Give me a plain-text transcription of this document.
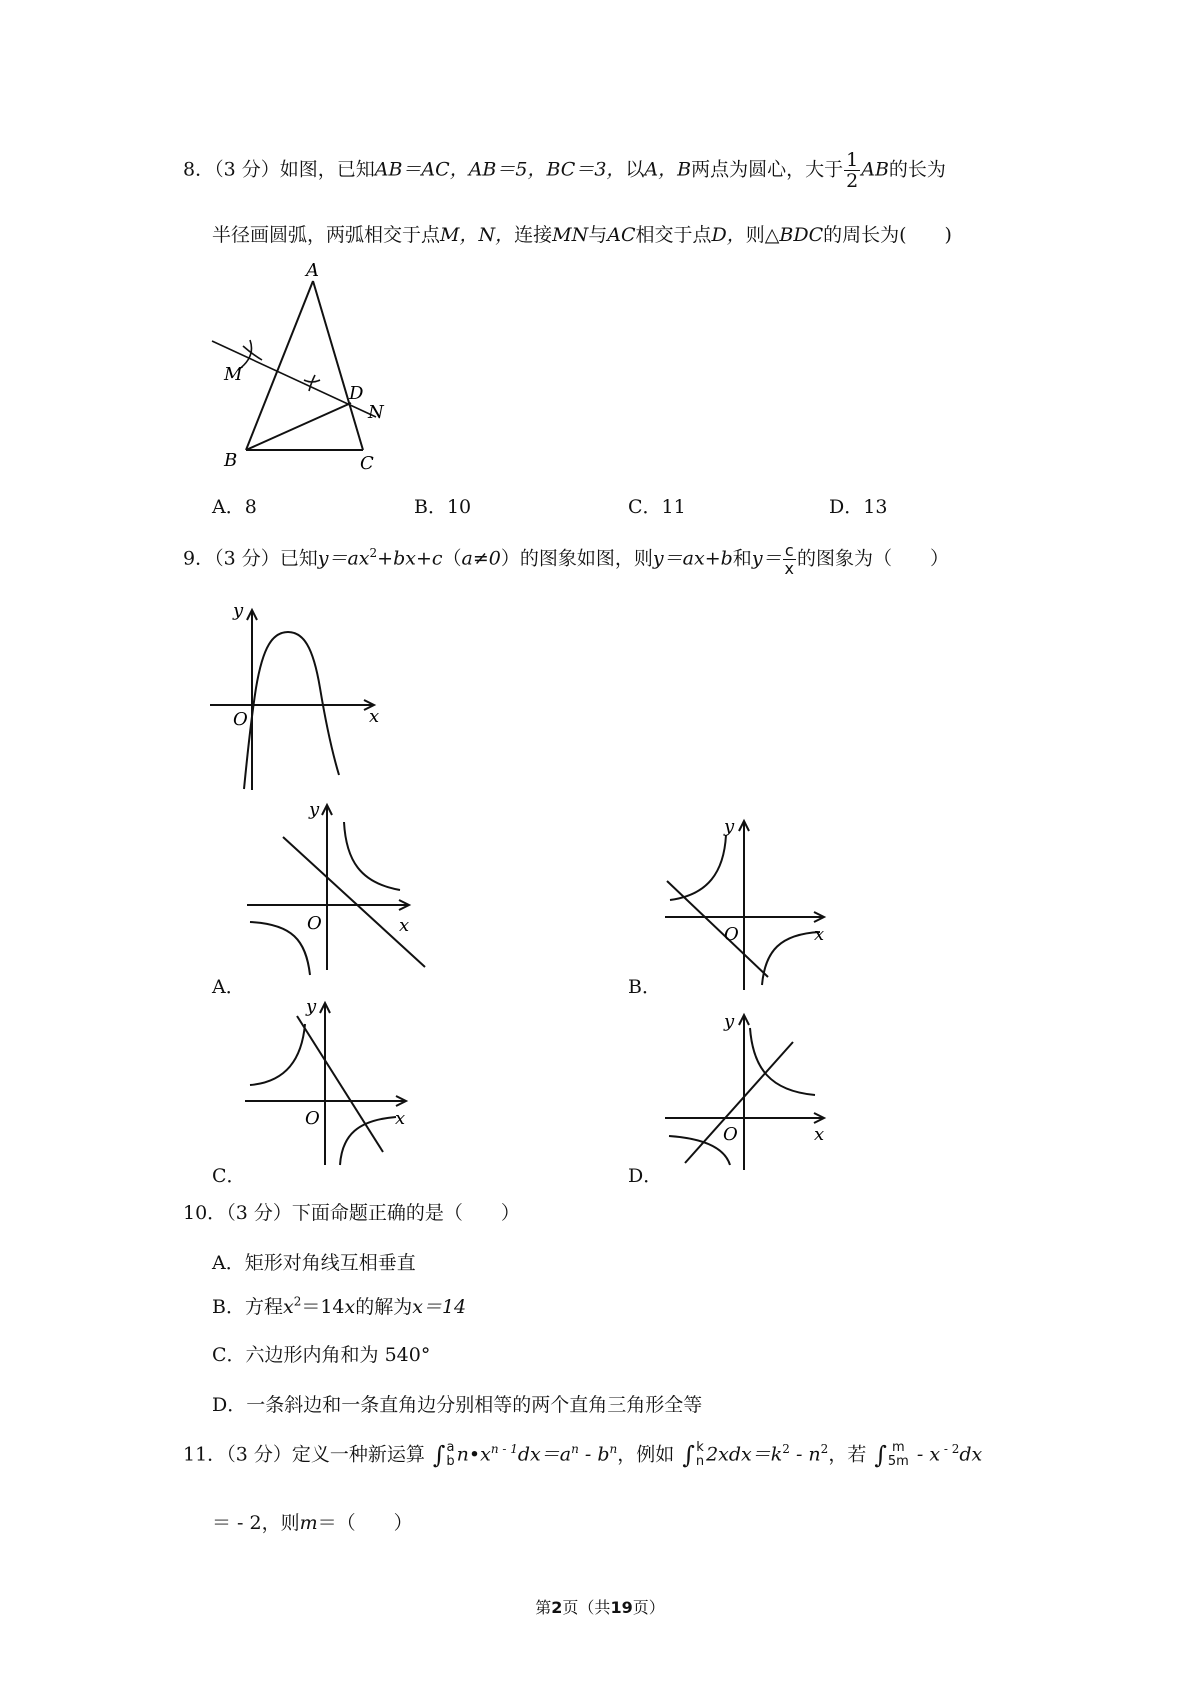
8．（3 分）如图，已知AB＝AC，AB＝5，BC＝3，以A，B两点为圆心，大于 $\frac{1}{2}$ AB的长为
半径画圆弧，两弧相交于点M，N，连接MN与AC相交于点D，则△BDC的周长为(　　)
A
B	C
D
M
N
A．8	B．10	C．11	D．13
9．（3 分）已知$y=ax^2+bx+c(a\ne 0)$的图象如图，则y＝ax+b和$y= \frac{c}{x}$ 的图象为（　　）
y
x
O
y
x
O
A．
y
x
O
B．
y
x
O
C．
y
x
O
D．
10．（3 分）下面命题正确的是（　　）
A．矩形对角线互相垂直
B．方程$x^2=14x$的解为x＝14
C．六边形内角和为 540°
D．一条斜边和一条直角边分别相等的两个直角三角形全等
11．（3 分）定义一种新运算 ∫ a
b $n•x^{n - 1}dx=a^n - b^n$，例如 ∫ k
n $2xdx=k^2 - n^2$，若 ∫ m
5m - x $^{- 2}$dx
＝ - 2，则m＝（　　）
第2页（共19页）
